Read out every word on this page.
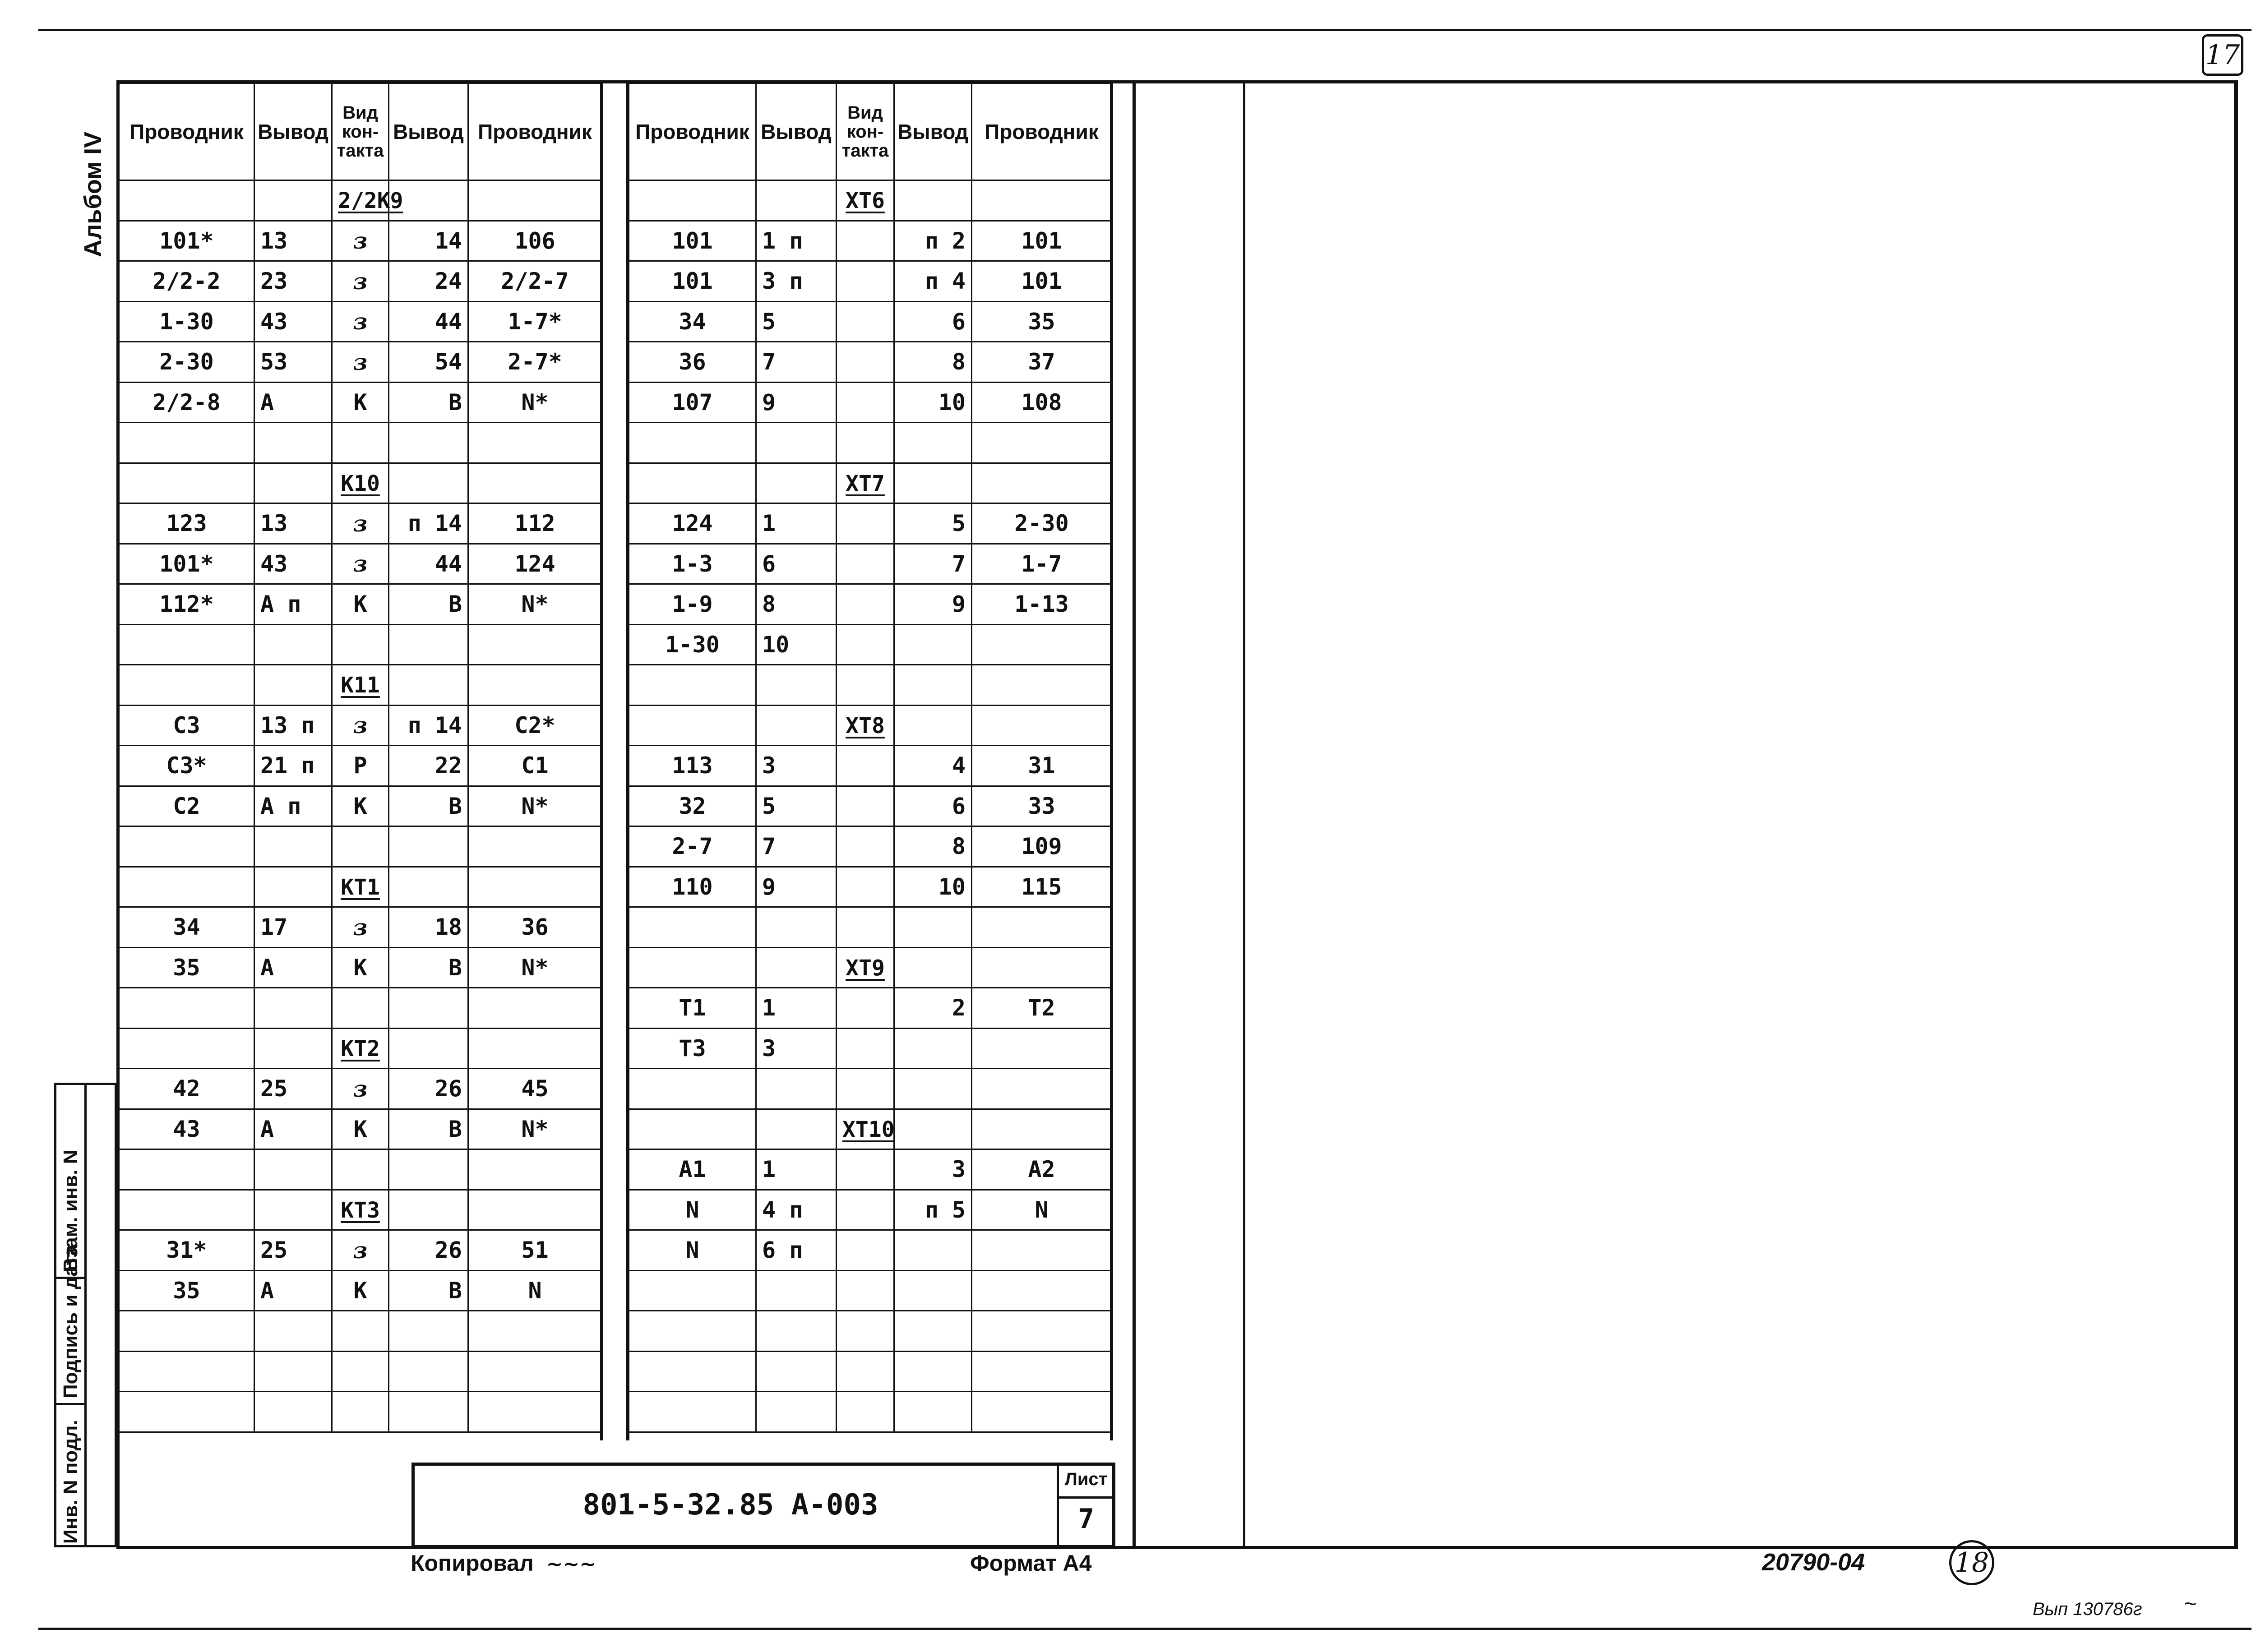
17
Альбом IV
Проводник	Вывод	Вид
кон-
такта	Вывод	Проводник
		2/2К9		
101*	13	з	14	106
2/2-2	23	з	24	2/2-7
1-30	43	з	44	1-7*
2-30	53	з	54	2-7*
2/2-8	А	К	В	N*

		К10		
123	13	з	п 14	112
101*	43	з	44	124
112*	А п	К	В	N*

		К11		
С3	13 п	з	п 14	С2*
С3*	21 п	Р	22	С1
С2	А п	К	В	N*

		КТ1		
34	17	з	18	36
35	А	К	В	N*

		КТ2		
42	25	з	26	45
43	А	К	В	N*

		КТ3		
31*	25	з	26	51
35	А	К	В	N

Проводник	Вывод	Вид
кон-
такта	Вывод	Проводник
		ХТ6		
101	1 п		п 2	101
101	3 п		п 4	101
34	5		6	35
36	7		8	37
107	9		10	108

		ХТ7		
124	1		5	2-30
1-3	6		7	1-7
1-9	8		9	1-13
1-30	10			

		ХТ8		
113	3		4	31
32	5		6	33
2-7	7		8	109
110	9		10	115

		ХТ9		
Т1	1		2	Т2
Т3	3			

		ХТ10		
А1	1		3	А2
N	4 п		п 5	N
N	6 п			

Инв. N подл.
Подпись и дата
Взам. инв. N
801-5-32.85 А-003
Лист
7
Копировал ~~~	Формат А4	20790-04	18
Вып 130786г ~
